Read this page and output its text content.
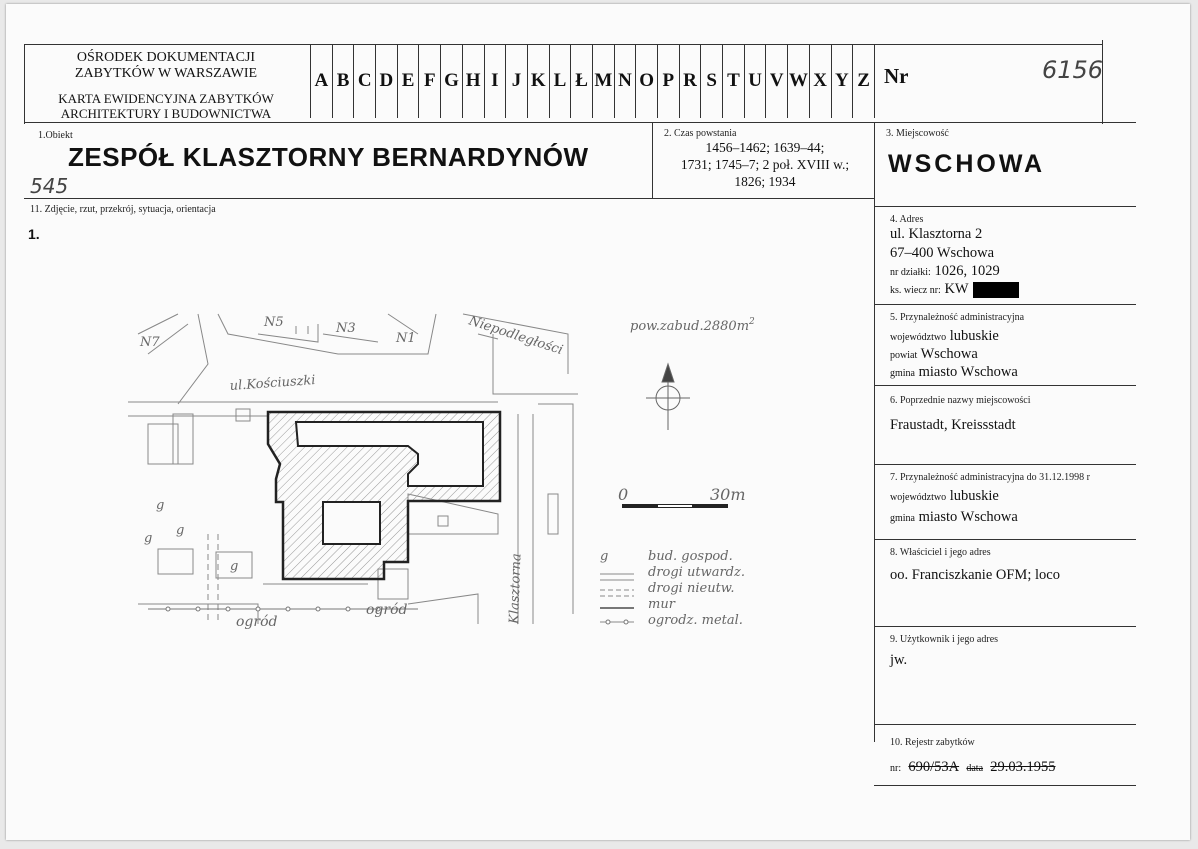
OŚRODEK DOKUMENTACJI
ZABYTKÓW W WARSZAWIE
KARTA EWIDENCYJNA ZABYTKÓW
ARCHITEKTURY I BUDOWNICTWA
A B C D E F G H I J K L Ł M N O P R S T U V W X Y Z Nr	6156
1.Obiekt
ZESPÓŁ KLASZTORNY BERNARDYNÓW
545
2. Czas powstania
1456–1462; 1639–44;
1731; 1745–7; 2 poł. XVIII w.;
1826; 1934
3. Miejscowość
WSCHOWA
11. Zdjęcie, rzut, przekrój, sytuacja, orientacja
1.
N7
N5	N3
N1	Niepodległości
ul.Kościuszki
Klasztorna
ogród
ogród
g
g
g
g
$pow.zabud.2880m^2$
0	30m
g	bud. gospod.
drogi utwardz.
drogi nieutw.
mur
ogrodz. metal.
4. Adres
ul. Klasztorna 2
67–400 Wschowa
nr działki: 1026, 1029
ks. wiecz nr: KW
5. Przynależność administracyjna
województwo lubuskie
powiat Wschowa
gmina miasto Wschowa
6. Poprzednie nazwy miejscowości
Fraustadt, Kreissstadt
7. Przynależność administracyjna do 31.12.1998 r
województwo lubuskie
gmina miasto Wschowa
8. Właściciel i jego adres
oo. Franciszkanie OFM; loco
9. Użytkownik i jego adres
jw.
10. Rejestr zabytków
nr: 690/53A data 29.03.1955
